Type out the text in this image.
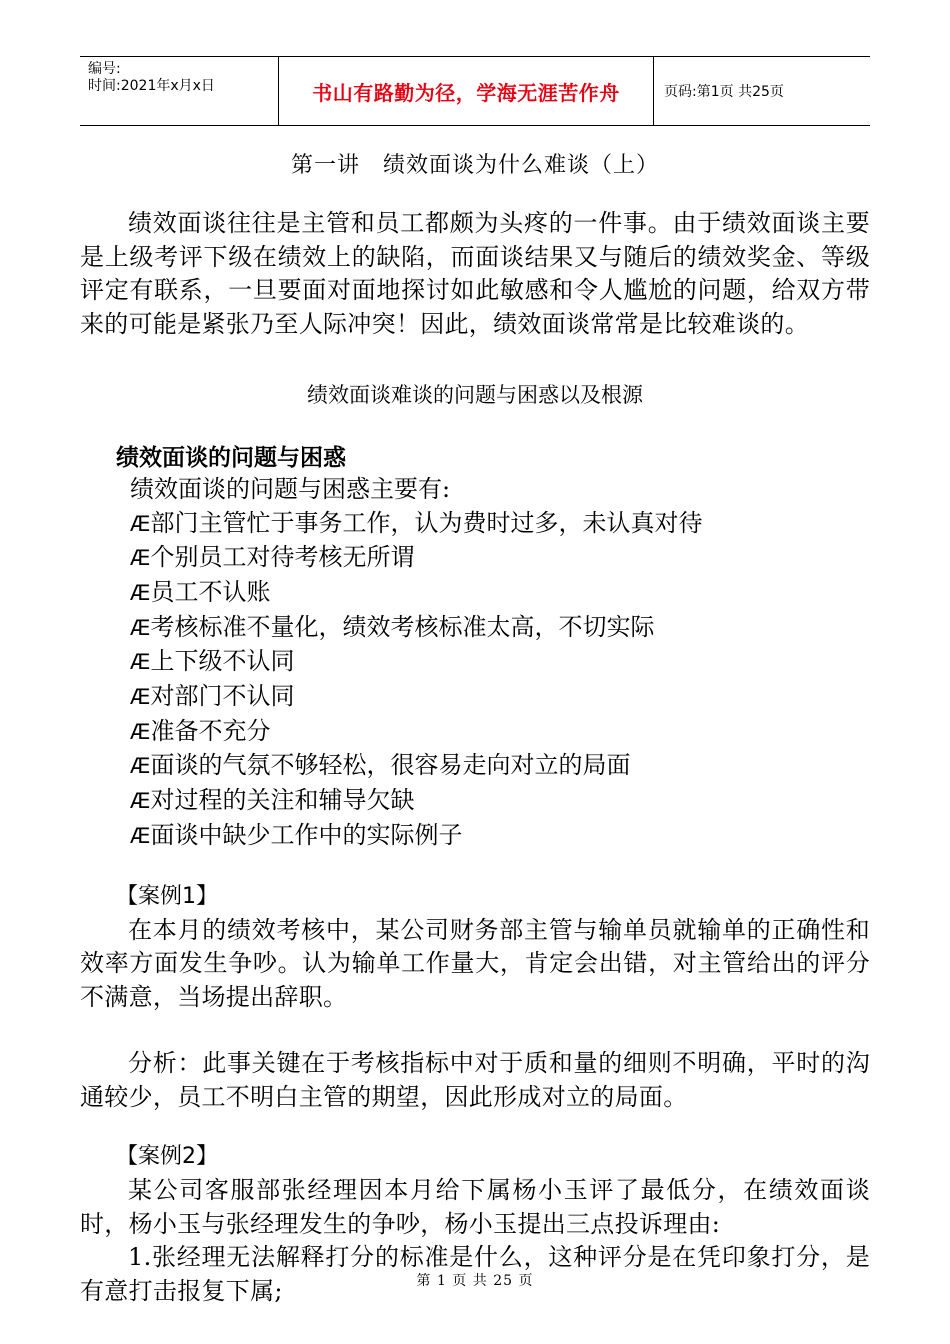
编号:
时间:2021年x月x日	书山有路勤为径，学海无涯苦作舟	页码:第1页 共25页
第一讲　绩效面谈为什么难谈（上）

绩效面谈往往是主管和员工都颇为头疼的一件事。由于绩效面谈主要是上级考评下级在绩效上的缺陷，而面谈结果又与随后的绩效奖金、等级评定有联系，一旦要面对面地探讨如此敏感和令人尴尬的问题，给双方带来的可能是紧张乃至人际冲突！因此，绩效面谈常常是比较难谈的。

绩效面谈难谈的问题与困惑以及根源
绩效面谈的问题与困惑
绩效面谈的问题与困惑主要有:
Æ部门主管忙于事务工作，认为费时过多，未认真对待
Æ个别员工对待考核无所谓
Æ员工不认账
Æ考核标准不量化，绩效考核标准太高，不切实际
Æ上下级不认同
Æ对部门不认同
Æ准备不充分
Æ面谈的气氛不够轻松，很容易走向对立的局面
Æ对过程的关注和辅导欠缺
Æ面谈中缺少工作中的实际例子
【案例1】

在本月的绩效考核中，某公司财务部主管与输单员就输单的正确性和效率方面发生争吵。认为输单工作量大，肯定会出错，对主管给出的评分不满意，当场提出辞职。

分析：此事关键在于考核指标中对于质和量的细则不明确，平时的沟通较少，员工不明白主管的期望，因此形成对立的局面。

【案例2】

某公司客服部张经理因本月给下属杨小玉评了最低分，在绩效面谈时，杨小玉与张经理发生的争吵，杨小玉提出三点投诉理由:

1.张经理无法解释打分的标准是什么，这种评分是在凭印象打分，是有意打击报复下属;	第 1 页 共 25 页
